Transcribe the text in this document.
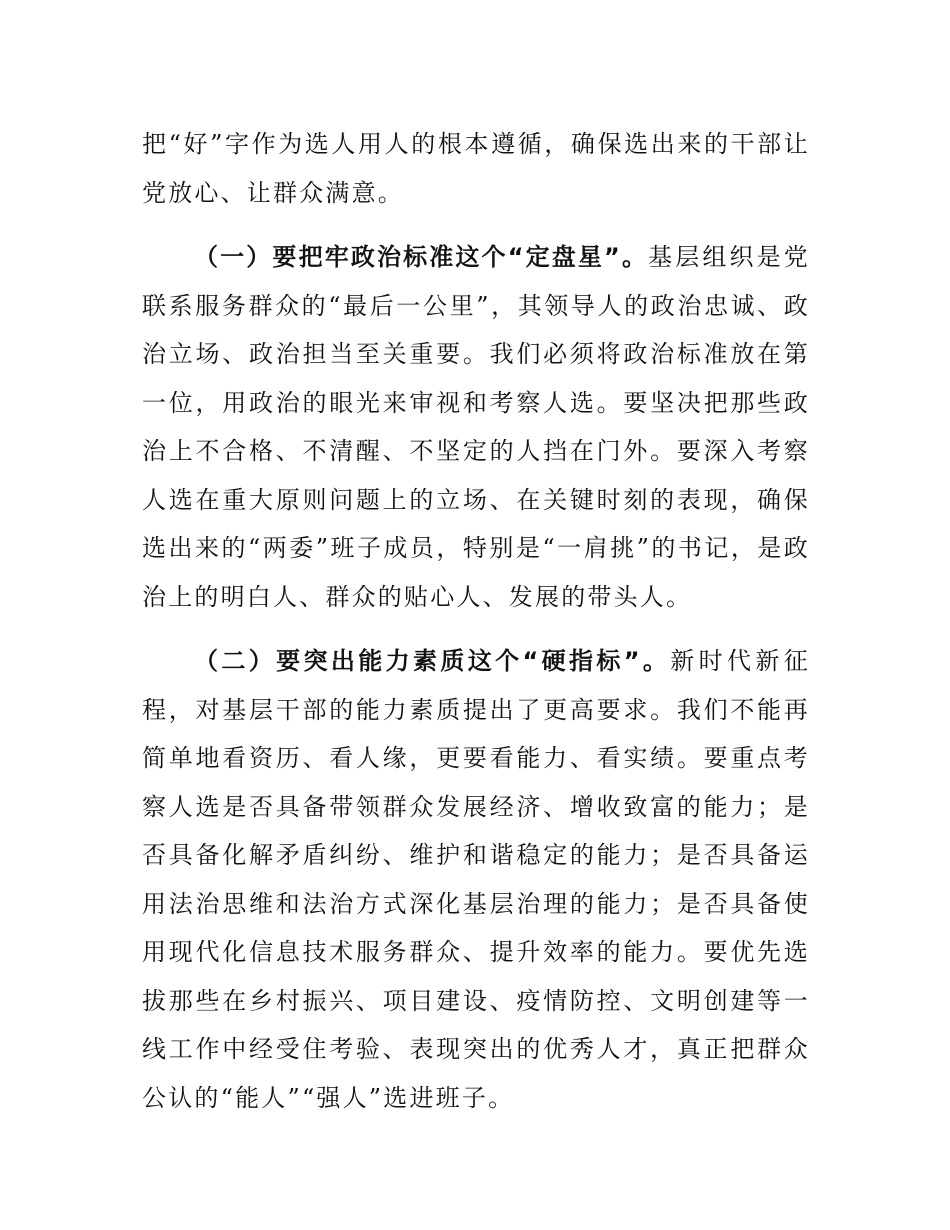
把“好”字作为选人用人的根本遵循，确保选出来的干部让党放心、让群众满意。

（一）要把牢政治标准这个“定盘星”。基层组织是党联系服务群众的“最后一公里”，其领导人的政治忠诚、政治立场、政治担当至关重要。我们必须将政治标准放在第一位，用政治的眼光来审视和考察人选。要坚决把那些政治上不合格、不清醒、不坚定的人挡在门外。要深入考察人选在重大原则问题上的立场、在关键时刻的表现，确保选出来的“两委”班子成员，特别是“一肩挑”的书记，是政治上的明白人、群众的贴心人、发展的带头人。

（二）要突出能力素质这个“硬指标”。新时代新征程，对基层干部的能力素质提出了更高要求。我们不能再简单地看资历、看人缘，更要看能力、看实绩。要重点考察人选是否具备带领群众发展经济、增收致富的能力；是否具备化解矛盾纠纷、维护和谐稳定的能力；是否具备运用法治思维和法治方式深化基层治理的能力；是否具备使用现代化信息技术服务群众、提升效率的能力。要优先选拔那些在乡村振兴、项目建设、疫情防控、文明创建等一线工作中经受住考验、表现突出的优秀人才，真正把群众公认的“能人”“强人”选进班子。
